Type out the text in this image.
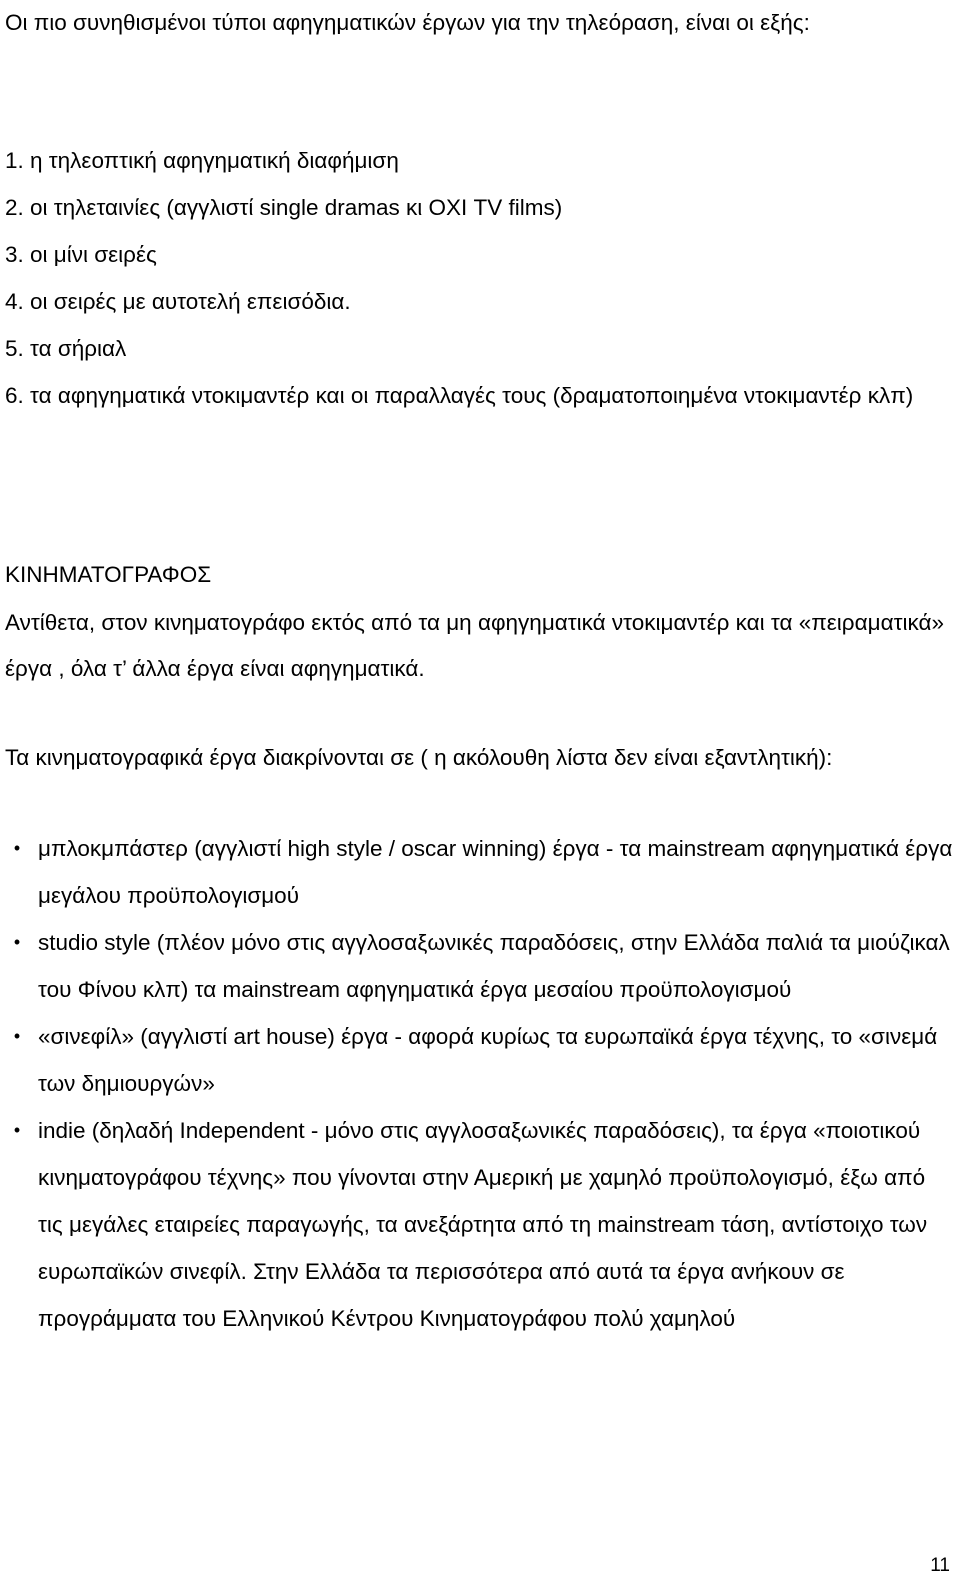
Οι πιο συνηθισμένοι τύποι αφηγηματικών έργων για την τηλεόραση, είναι οι εξής:

1. η τηλεοπτική αφηγηματική διαφήμιση
2. οι τηλεταινίες (αγγλιστί single dramas κι ΟΧΙ TV films)
3. οι μίνι σειρές
4. οι σειρές με αυτοτελή επεισόδια.
5. τα σήριαλ
6. τα αφηγηματικά ντοκιμαντέρ και οι παραλλαγές τους (δραματοποιημένα ντοκιμαντέρ κλπ)
ΚΙΝΗΜΑΤΟΓΡΑΦΟΣ

Αντίθετα, στον κινηματογράφο εκτός από τα μη αφηγηματικά ντοκιμαντέρ και τα «πειραματικά» έργα , όλα τ’ άλλα έργα είναι αφηγηματικά.

Τα κινηματογραφικά έργα διακρίνονται σε ( η ακόλουθη λίστα δεν είναι εξαντλητική):

• μπλοκμπάστερ (αγγλιστί high style / oscar winning) έργα - τα mainstream αφηγηματικά έργα μεγάλου προϋπολογισμού
• studio style (πλέον μόνο στις αγγλοσαξωνικές παραδόσεις, στην Ελλάδα παλιά τα μιούζικαλ του Φίνου κλπ) τα mainstream αφηγηματικά έργα μεσαίου προϋπολογισμού
• «σινεφίλ» (αγγλιστί art house) έργα - αφορά κυρίως τα ευρωπαϊκά έργα τέχνης, το «σινεμά των δημιουργών»
• indie (δηλαδή Independent - μόνο στις αγγλοσαξωνικές παραδόσεις), τα έργα «ποιοτικού κινηματογράφου τέχνης» που γίνονται στην Αμερική με χαμηλό προϋπολογισμό, έξω από τις μεγάλες εταιρείες παραγωγής, τα ανεξάρτητα από τη mainstream τάση, αντίστοιχο των ευρωπαϊκών σινεφίλ. Στην Ελλάδα τα περισσότερα από αυτά τα έργα ανήκουν σε προγράμματα του Ελληνικού Κέντρου Κινηματογράφου πολύ χαμηλού

11
